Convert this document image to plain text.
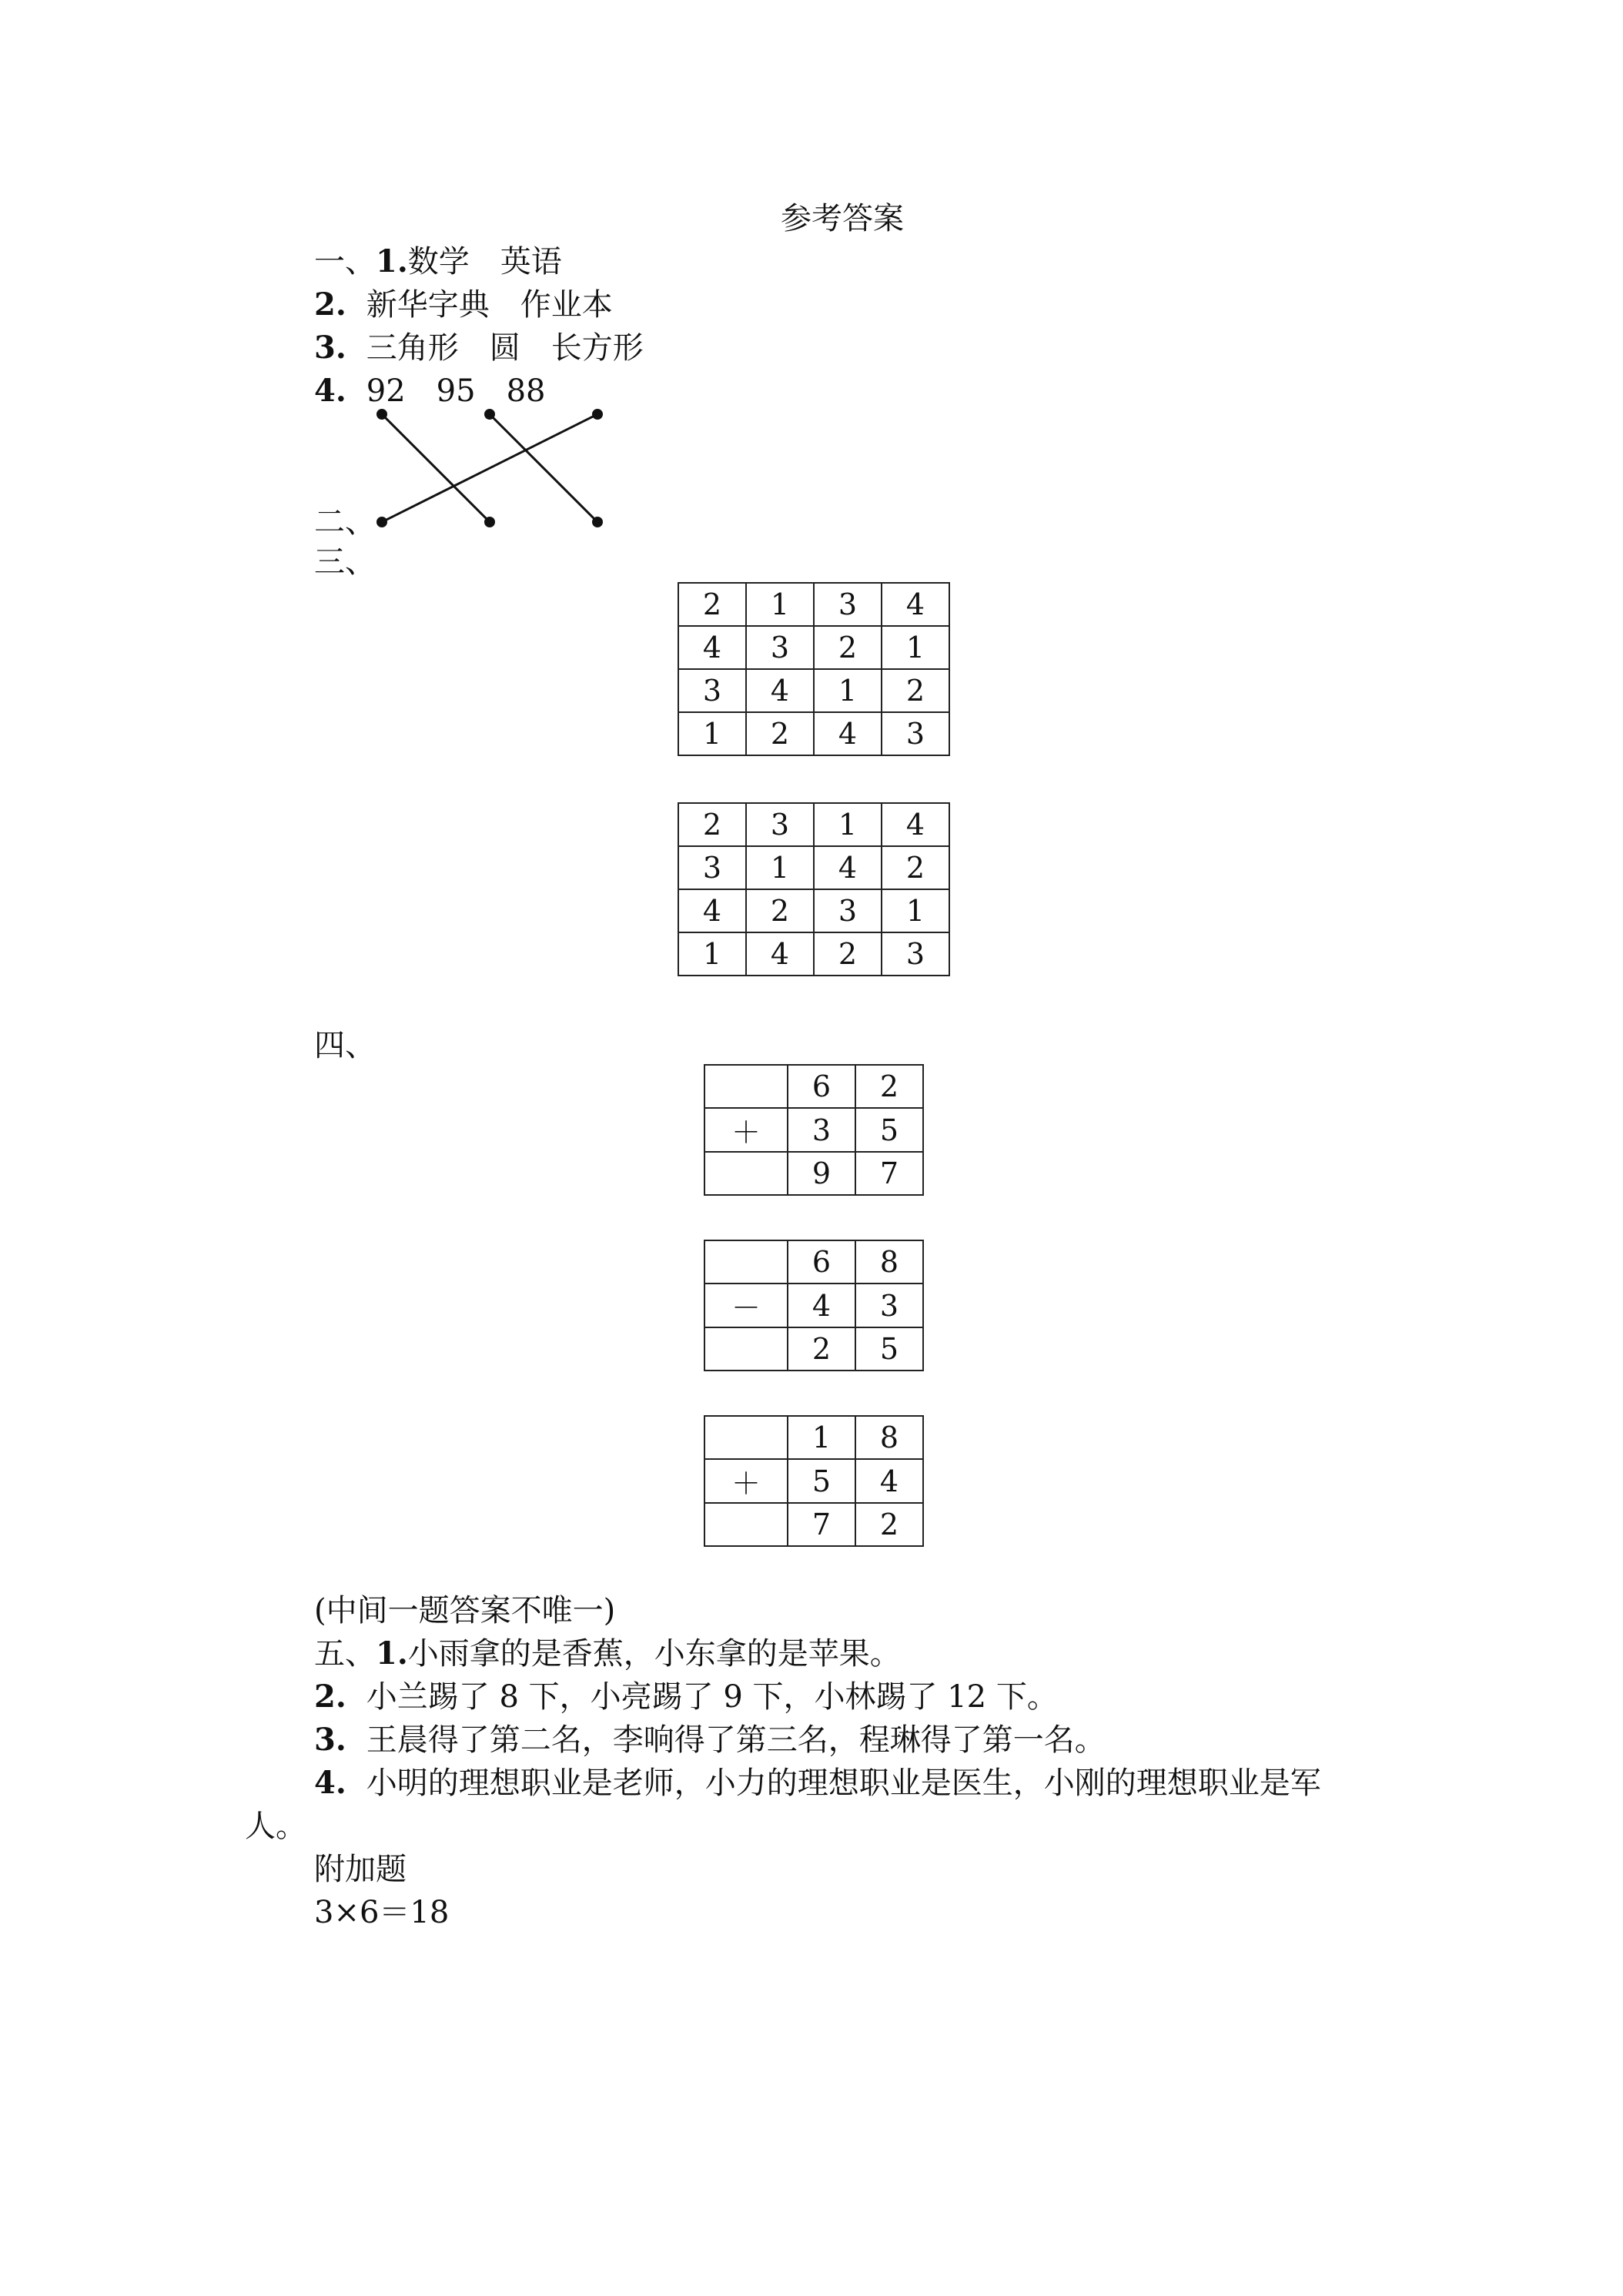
参考答案
一、1.数学 英语
2. 新华字典 作业本
3. 三角形 圆 长方形
4. 92 95 88
二、
三、
2	1	3	4
4	3	2	1
3	4	1	2
1	2	4	3
2	3	1	4
3	1	4	2
4	2	3	1
1	4	2	3
四、
	6	2
＋	3	5
	9	7
	6	8
－	4	3
	2	5
	1	8
＋	5	4
	7	2
(中间一题答案不唯一)
五、1.小雨拿的是香蕉，小东拿的是苹果。
2. 小兰踢了 8 下，小亮踢了 9 下，小林踢了 12 下。
3. 王晨得了第二名，李响得了第三名，程琳得了第一名。
4. 小明的理想职业是老师，小力的理想职业是医生，小刚的理想职业是军
人。
附加题
3×6＝18
